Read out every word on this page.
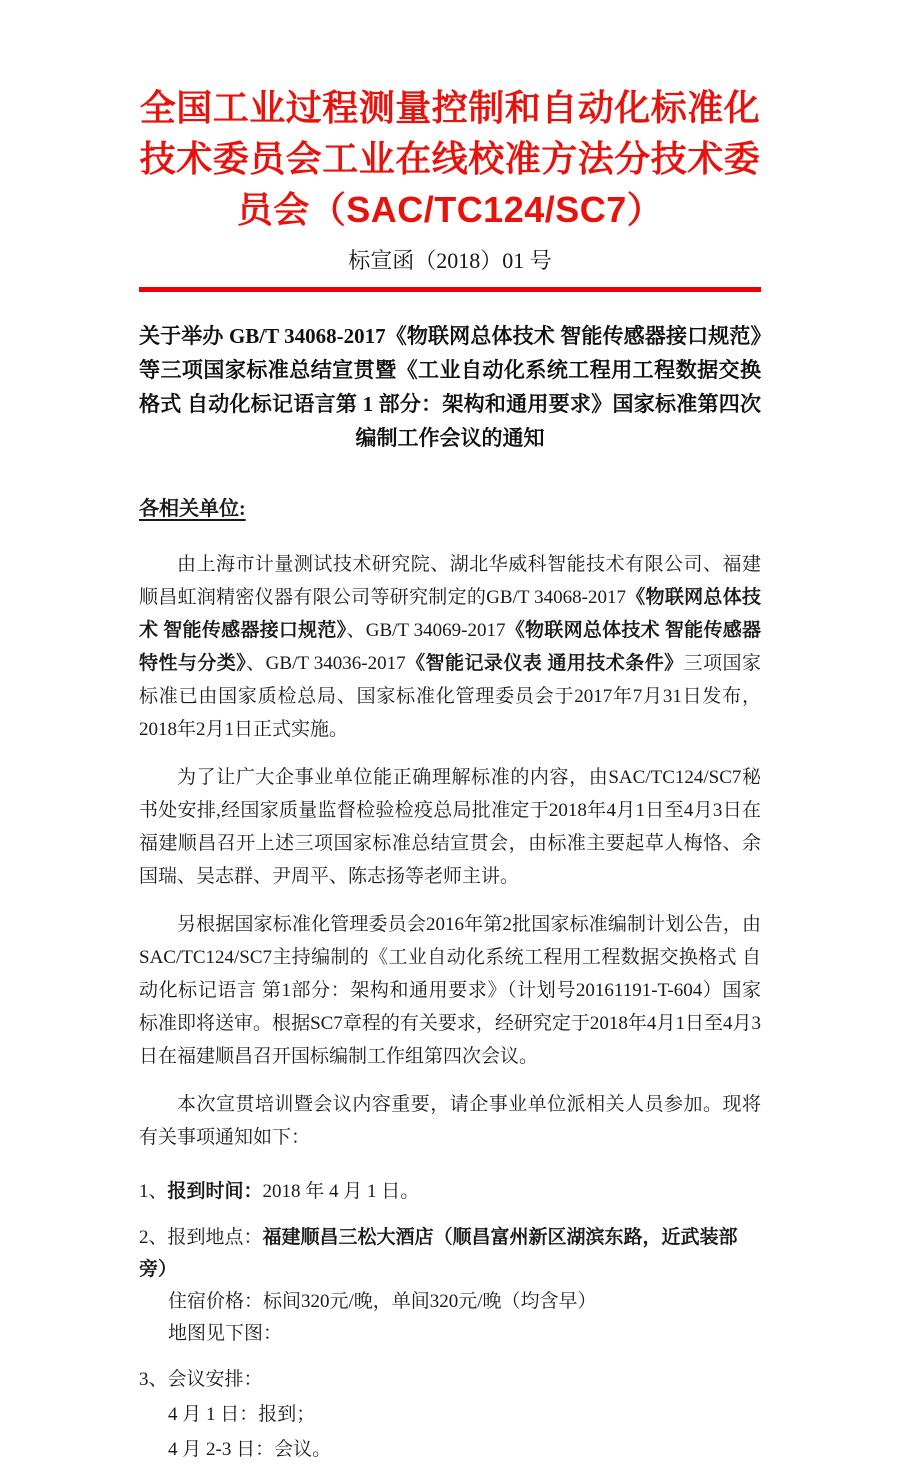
全国工业过程测量控制和自动化标准化
技术委员会工业在线校准方法分技术委
员会（SAC/TC124/SC7）
标宣函（2018）01 号
关于举办 GB/T 34068-2017《物联网总体技术 智能传感器接口规范》等三项国家标准总结宣贯暨《工业自动化系统工程用工程数据交换格式 自动化标记语言第 1 部分：架构和通用要求》国家标准第四次编制工作会议的通知
各相关单位:

由上海市计量测试技术研究院、湖北华威科智能技术有限公司、福建顺昌虹润精密仪器有限公司等研究制定的GB/T 34068-2017《物联网总体技术 智能传感器接口规范》、GB/T 34069-2017《物联网总体技术 智能传感器特性与分类》、GB/T 34036-2017《智能记录仪表 通用技术条件》三项国家标准已由国家质检总局、国家标准化管理委员会于2017年7月31日发布，2018年2月1日正式实施。

为了让广大企事业单位能正确理解标准的内容，由SAC/TC124/SC7秘书处安排,经国家质量监督检验检疫总局批准定于2018年4月1日至4月3日在福建顺昌召开上述三项国家标准总结宣贯会，由标准主要起草人梅恪、余国瑞、吴志群、尹周平、陈志扬等老师主讲。

另根据国家标准化管理委员会2016年第2批国家标准编制计划公告，由SAC/TC124/SC7主持编制的《工业自动化系统工程用工程数据交换格式 自动化标记语言 第1部分：架构和通用要求》（计划号20161191-T-604）国家标准即将送审。根据SC7章程的有关要求，经研究定于2018年4月1日至4月3日在福建顺昌召开国标编制工作组第四次会议。

本次宣贯培训暨会议内容重要，请企事业单位派相关人员参加。现将有关事项通知如下：

1、报到时间：2018 年 4 月 1 日。

2、报到地点：福建顺昌三松大酒店（顺昌富州新区湖滨东路，近武装部旁）

住宿价格：标间320元/晚，单间320元/晚（均含早）

地图见下图：

3、会议安排：

4 月 1 日：报到；

4 月 2-3 日：会议。
